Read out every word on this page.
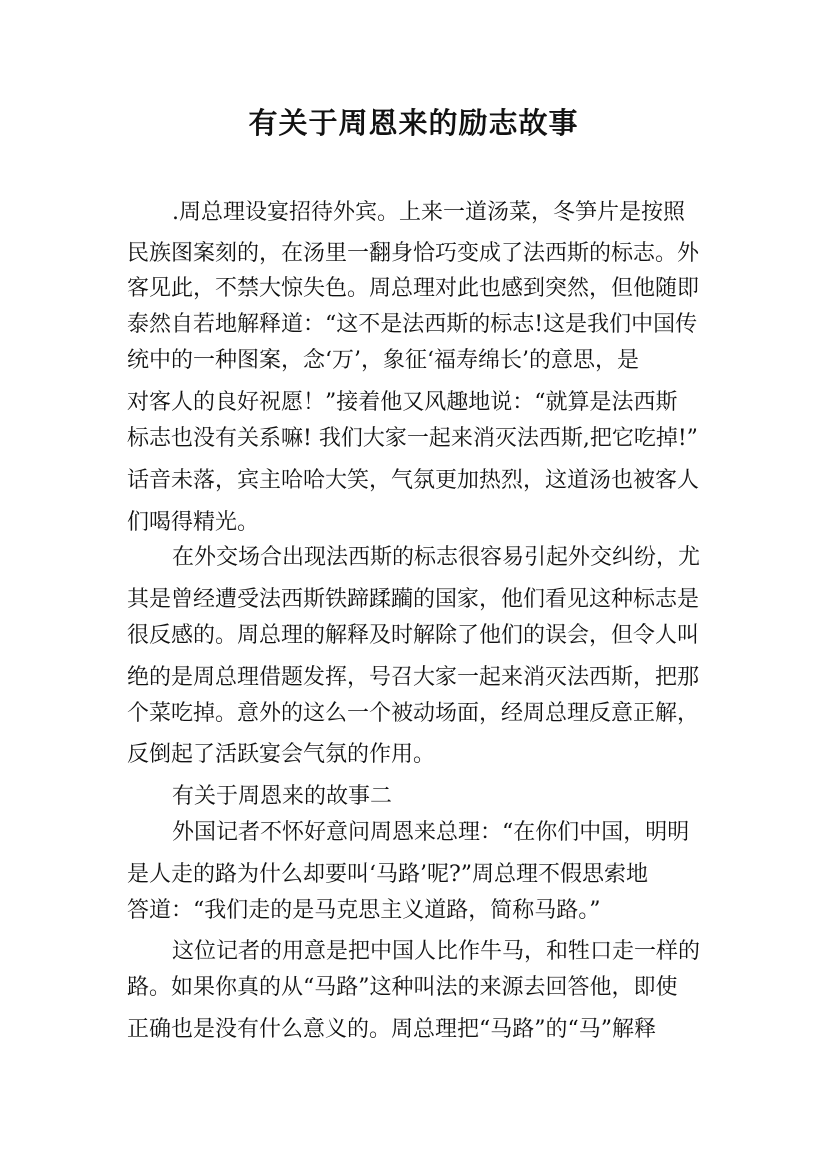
有关于周恩来的励志故事
.周总理设宴招待外宾。上来一道汤菜，冬笋片是按照
民族图案刻的，在汤里一翻身恰巧变成了法西斯的标志。外
客见此，不禁大惊失色。周总理对此也感到突然，但他随即
泰然自若地解释道：“这不是法西斯的标志!这是我们中国传
统中的一种图案，念‘万’，象征‘福寿绵长’的意思，是
对客人的良好祝愿！”接着他又风趣地说：“就算是法西斯
标志也没有关系嘛! 我们大家一起来消灭法西斯,把它吃掉!”
话音未落，宾主哈哈大笑，气氛更加热烈，这道汤也被客人
们喝得精光。
在外交场合出现法西斯的标志很容易引起外交纠纷，尤
其是曾经遭受法西斯铁蹄蹂躏的国家，他们看见这种标志是
很反感的。周总理的解释及时解除了他们的误会，但令人叫
绝的是周总理借题发挥，号召大家一起来消灭法西斯，把那
个菜吃掉。意外的这么一个被动场面，经周总理反意正解，
反倒起了活跃宴会气氛的作用。
有关于周恩来的故事二
外国记者不怀好意问周恩来总理：“在你们中国，明明
是人走的路为什么却要叫‘马路’呢?”周总理不假思索地
答道：“我们走的是马克思主义道路，简称马路。”
这位记者的用意是把中国人比作牛马，和牲口走一样的
路。如果你真的从“马路”这种叫法的来源去回答他，即使
正确也是没有什么意义的。周总理把“马路”的“马”解释
